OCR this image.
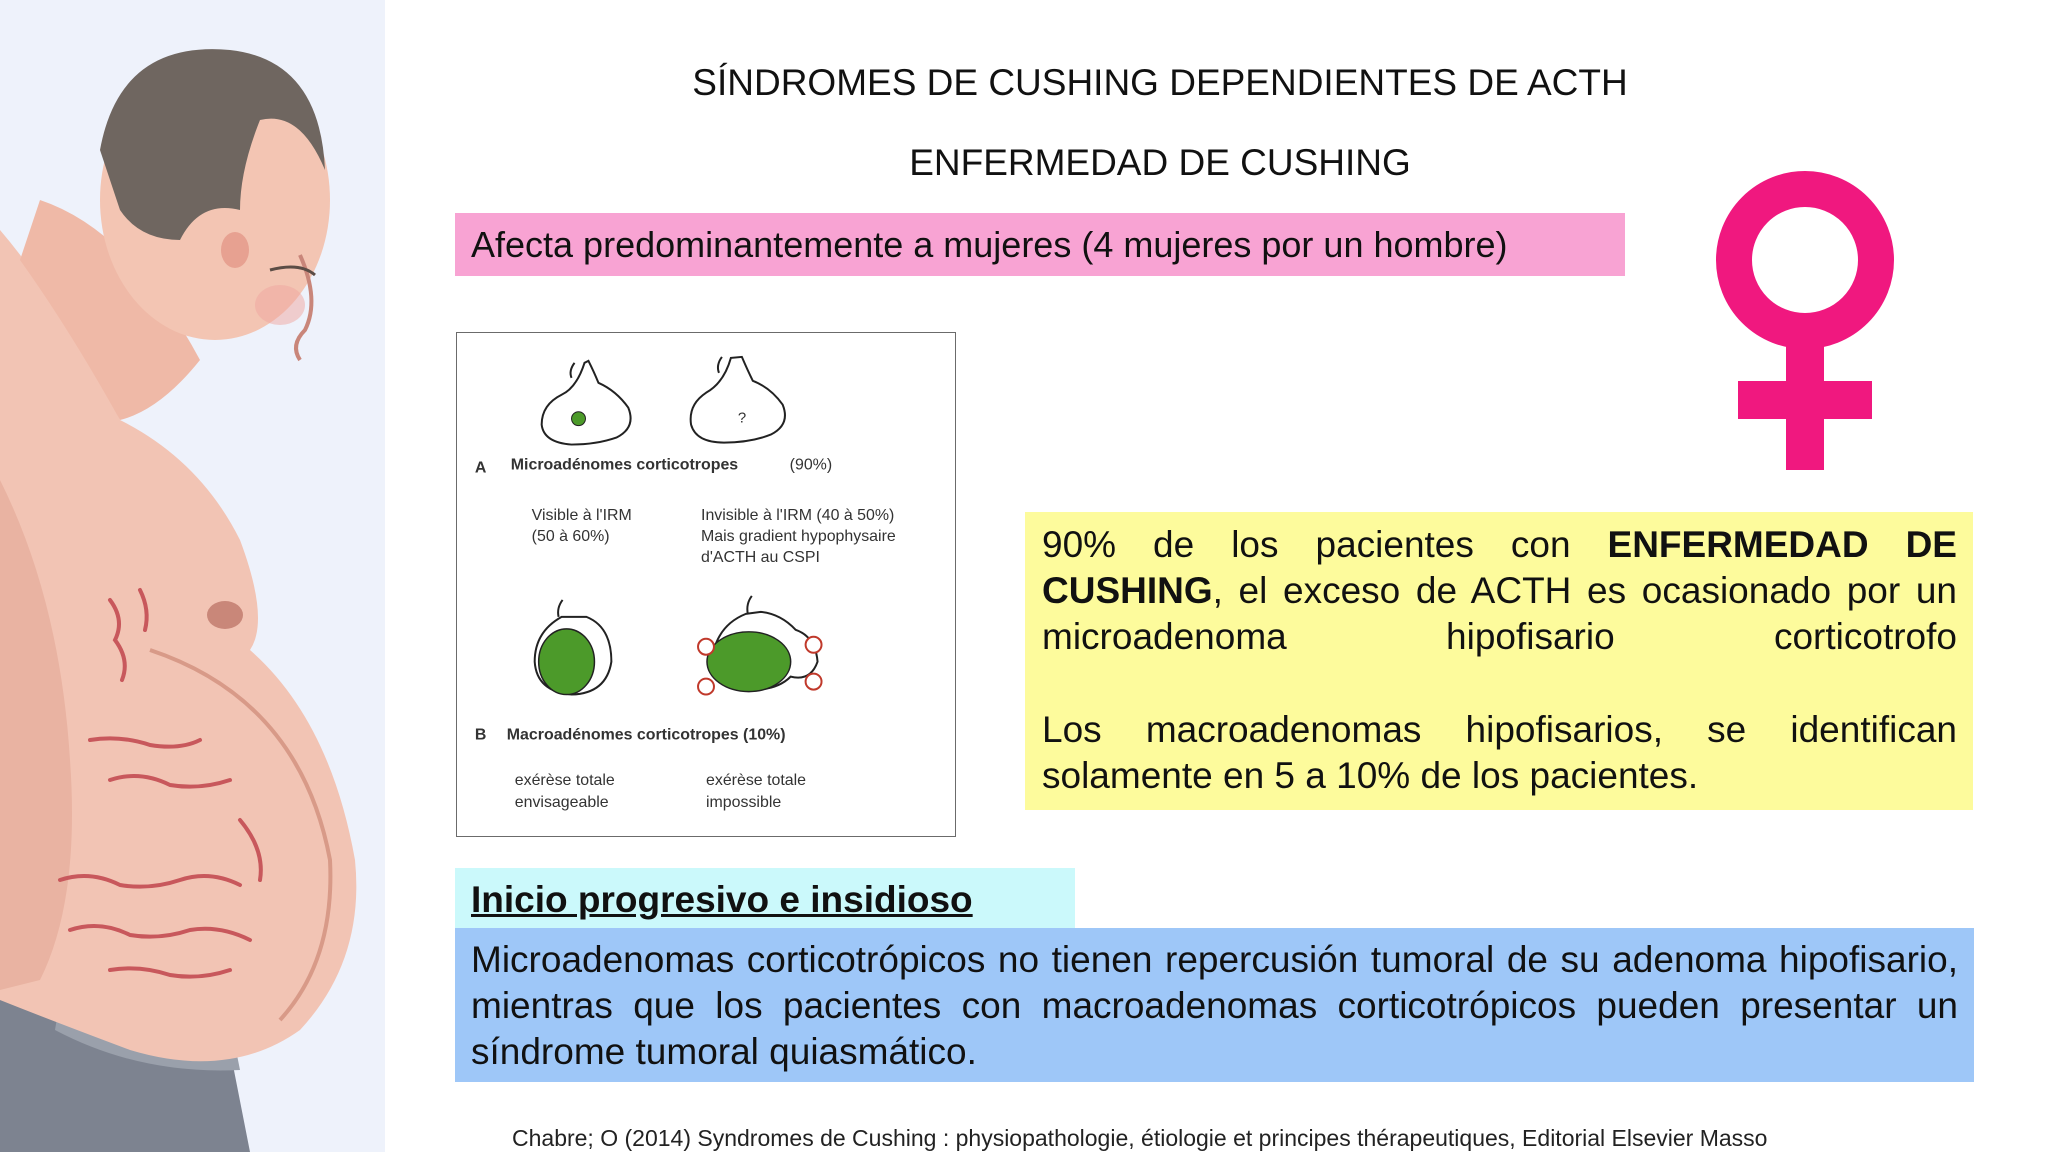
SÍNDROMES DE CUSHING DEPENDIENTES DE ACTH
ENFERMEDAD DE CUSHING
Afecta predominantemente a mujeres (4 mujeres por un hombre)
?
A Microadénomes corticotropes	(90%)
Visible à l'IRM
(50 à 60%)
Invisible à l'IRM (40 à 50%)
Mais gradient hypophysaire
d'ACTH au CSPI
B Macroadénomes corticotropes (10%)
exérèse totale
envisageable
exérèse totale
impossible

90% de los pacientes con ENFERMEDAD DE CUSHING, el exceso de ACTH es ocasionado por un microadenoma hipofisario corticotrofo

Los macroadenomas hipofisarios, se identifican solamente en 5 a 10% de los pacientes.

Inicio progresivo e insidioso

Microadenomas corticotrópicos no tienen repercusión tumoral de su adenoma hipofisario, mientras que los pacientes con macroadenomas corticotrópicos pueden presentar un síndrome tumoral quiasmático.

Chabre; O (2014) Syndromes de Cushing : physiopathologie, étiologie et principes thérapeutiques, Editorial Elsevier Masso
